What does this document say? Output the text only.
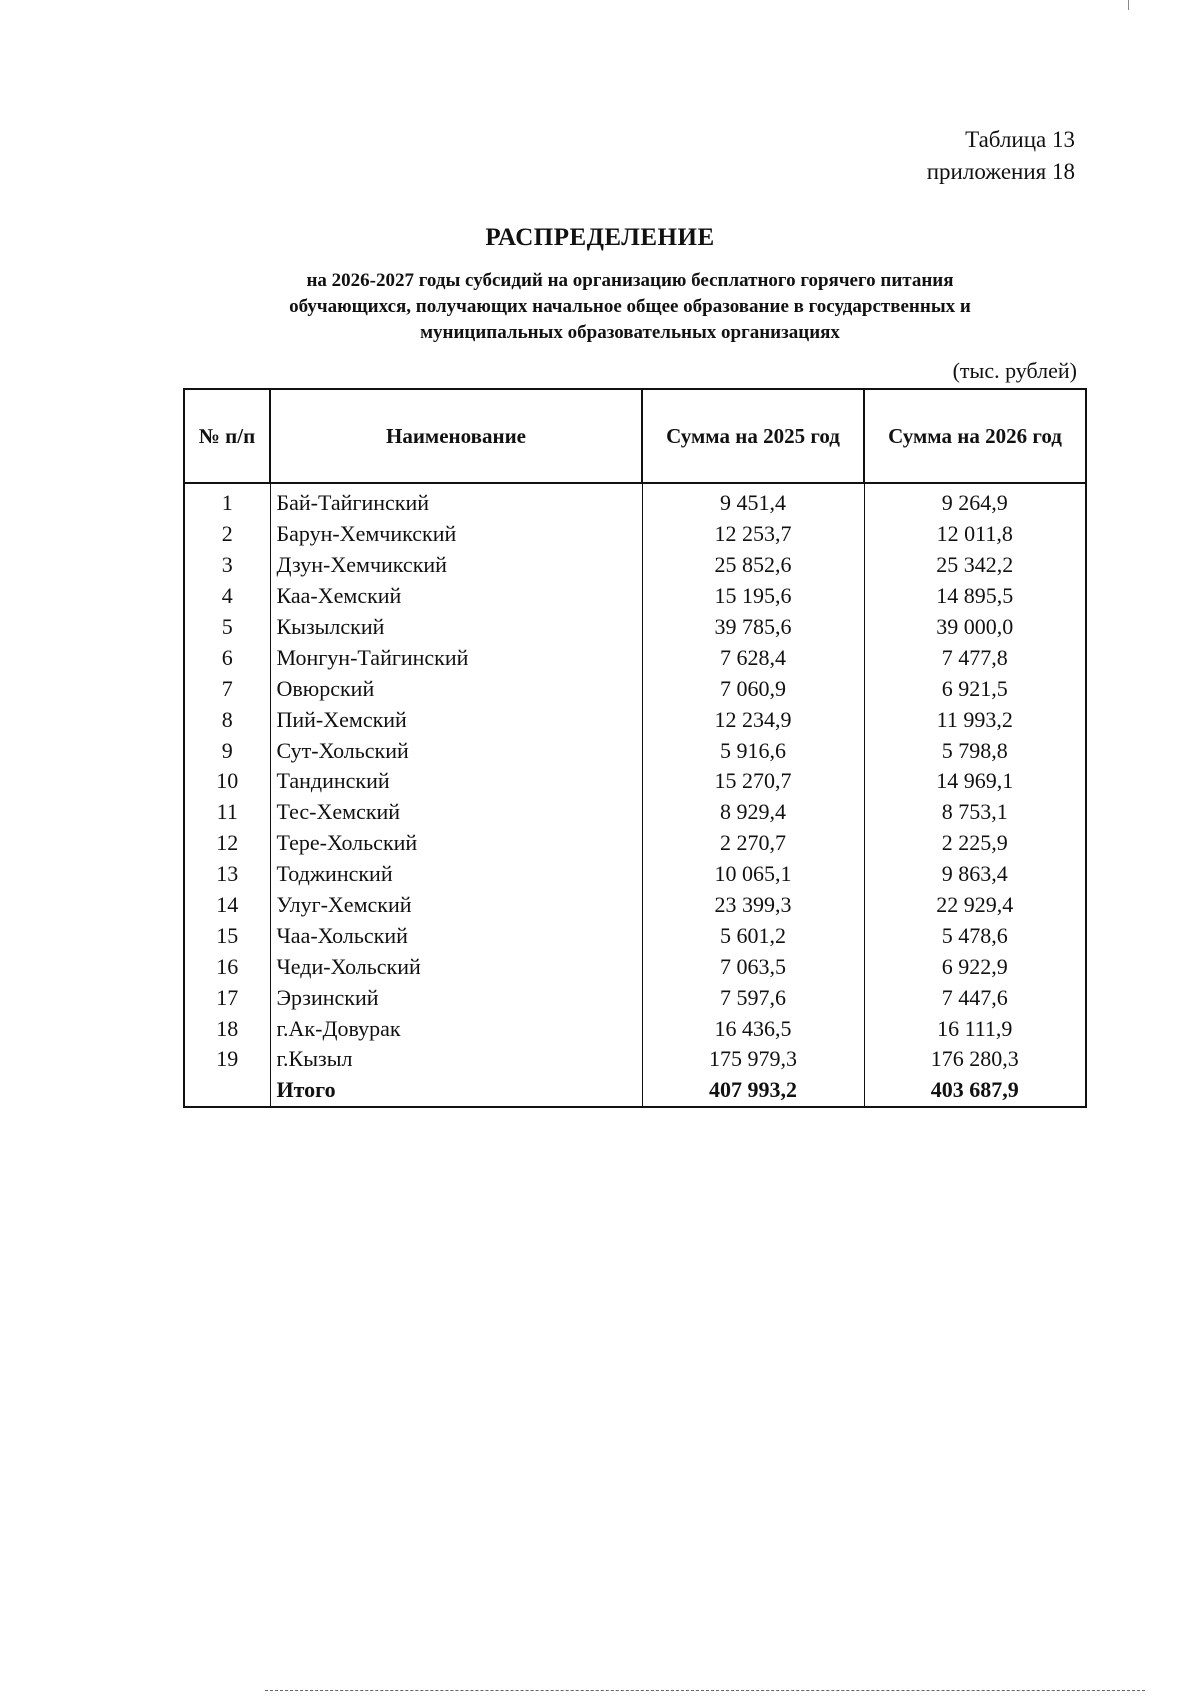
Таблица 13
приложения 18
РАСПРЕДЕЛЕНИЕ
на 2026-2027 годы субсидий на организацию бесплатного горячего питания
обучающихся, получающих начальное общее образование в государственных и
муниципальных образовательных организациях
(тыс. рублей)
№ п/п	Наименование	Сумма на 2025 год	Сумма на 2026 год
1	Бай-Тайгинский	9 451,4	9 264,9
2	Барун-Хемчикский	12 253,7	12 011,8
3	Дзун-Хемчикский	25 852,6	25 342,2
4	Каа-Хемский	15 195,6	14 895,5
5	Кызылский	39 785,6	39 000,0
6	Монгун-Тайгинский	7 628,4	7 477,8
7	Овюрский	7 060,9	6 921,5
8	Пий-Хемский	12 234,9	11 993,2
9	Сут-Хольский	5 916,6	5 798,8
10	Тандинский	15 270,7	14 969,1
11	Тес-Хемский	8 929,4	8 753,1
12	Тере-Хольский	2 270,7	2 225,9
13	Тоджинский	10 065,1	9 863,4
14	Улуг-Хемский	23 399,3	22 929,4
15	Чаа-Хольский	5 601,2	5 478,6
16	Чеди-Хольский	7 063,5	6 922,9
17	Эрзинский	7 597,6	7 447,6
18	г.Ак-Довурак	16 436,5	16 111,9
19	г.Кызыл	175 979,3	176 280,3
	Итого	407 993,2	403 687,9
